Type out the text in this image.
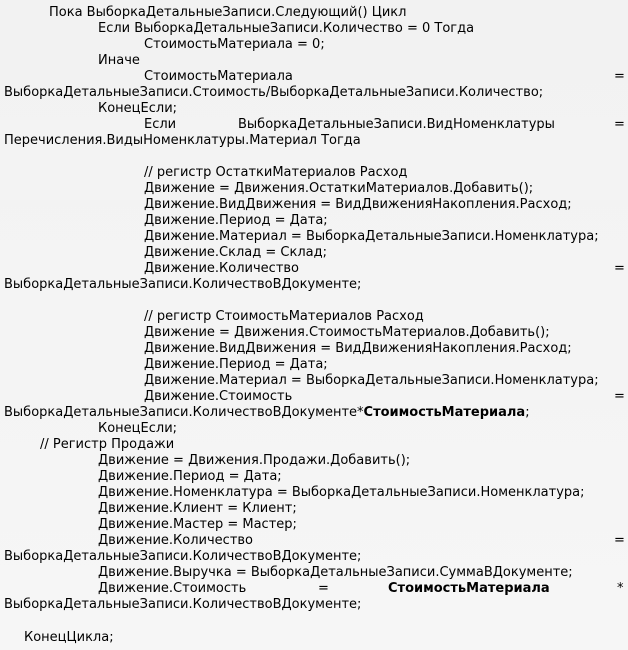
Пока ВыборкаДетальныеЗаписи.Следующий() Цикл
Если ВыборкаДетальныеЗаписи.Количество = 0 Тогда
СтоимостьМатериала = 0;
Иначе
СтоимостьМатериала	=
ВыборкаДетальныеЗаписи.Стоимость/ВыборкаДетальныеЗаписи.Количество;
КонецЕсли;
Если	ВыборкаДетальныеЗаписи.ВидНоменклатуры	=
Перечисления.ВидыНоменклатуры.Материал Тогда
// регистр ОстаткиМатериалов Расход
Движение = Движения.ОстаткиМатериалов.Добавить();
Движение.ВидДвижения = ВидДвиженияНакопления.Расход;
Движение.Период = Дата;
Движение.Материал = ВыборкаДетальныеЗаписи.Номенклатура;
Движение.Склад = Склад;
Движение.Количество	=
ВыборкаДетальныеЗаписи.КоличествоВДокументе;
// регистр СтоимостьМатериалов Расход
Движение = Движения.СтоимостьМатериалов.Добавить();
Движение.ВидДвижения = ВидДвиженияНакопления.Расход;
Движение.Период = Дата;
Движение.Материал = ВыборкаДетальныеЗаписи.Номенклатура;
Движение.Стоимость	=
ВыборкаДетальныеЗаписи.КоличествоВДокументе*СтоимостьМатериала;
КонецЕсли;
// Регистр Продажи
Движение = Движения.Продажи.Добавить();
Движение.Период = Дата;
Движение.Номенклатура = ВыборкаДетальныеЗаписи.Номенклатура;
Движение.Клиент = Клиент;
Движение.Мастер = Мастер;
Движение.Количество	=
ВыборкаДетальныеЗаписи.КоличествоВДокументе;
Движение.Выручка = ВыборкаДетальныеЗаписи.СуммаВДокументе;
Движение.Стоимость	=	СтоимостьМатериала	*
ВыборкаДетальныеЗаписи.КоличествоВДокументе;
КонецЦикла;
